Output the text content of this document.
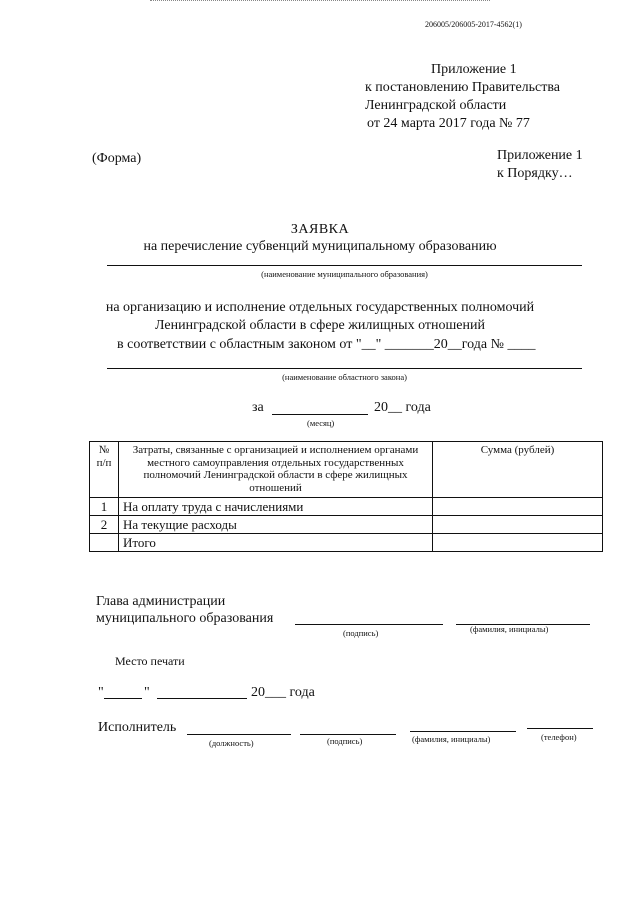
206005/206005-2017-4562(1)
Приложение 1
к постановлению Правительства
Ленинградской области
от 24 марта 2017 года № 77
(Форма)	Приложение 1
к Порядку…
ЗАЯВКА
на перечисление субвенций муниципальному образованию
(наименование муниципального образования)
на организацию и исполнение отдельных государственных полномочий
Ленинградской области в сфере жилищных отношений
в соответствии с областным законом от "__" _______20__года № ____
(наименование областного закона)
за	20__ года
(месяц)
№ п/п	Затраты, связанные с организацией и исполнением органами местного самоуправления отдельных государственных полномочий Ленинградской области в сфере жилищных отношений	Сумма (рублей)
1	На оплату труда с начислениями	
2	На текущие расходы	
	Итого	
Глава администрации
муниципального образования
(подпись)	(фамилия, инициалы)
Место печати
"	"	20___ года
Исполнитель
(должность)	(подпись)	(фамилия, инициалы)	(телефон)
